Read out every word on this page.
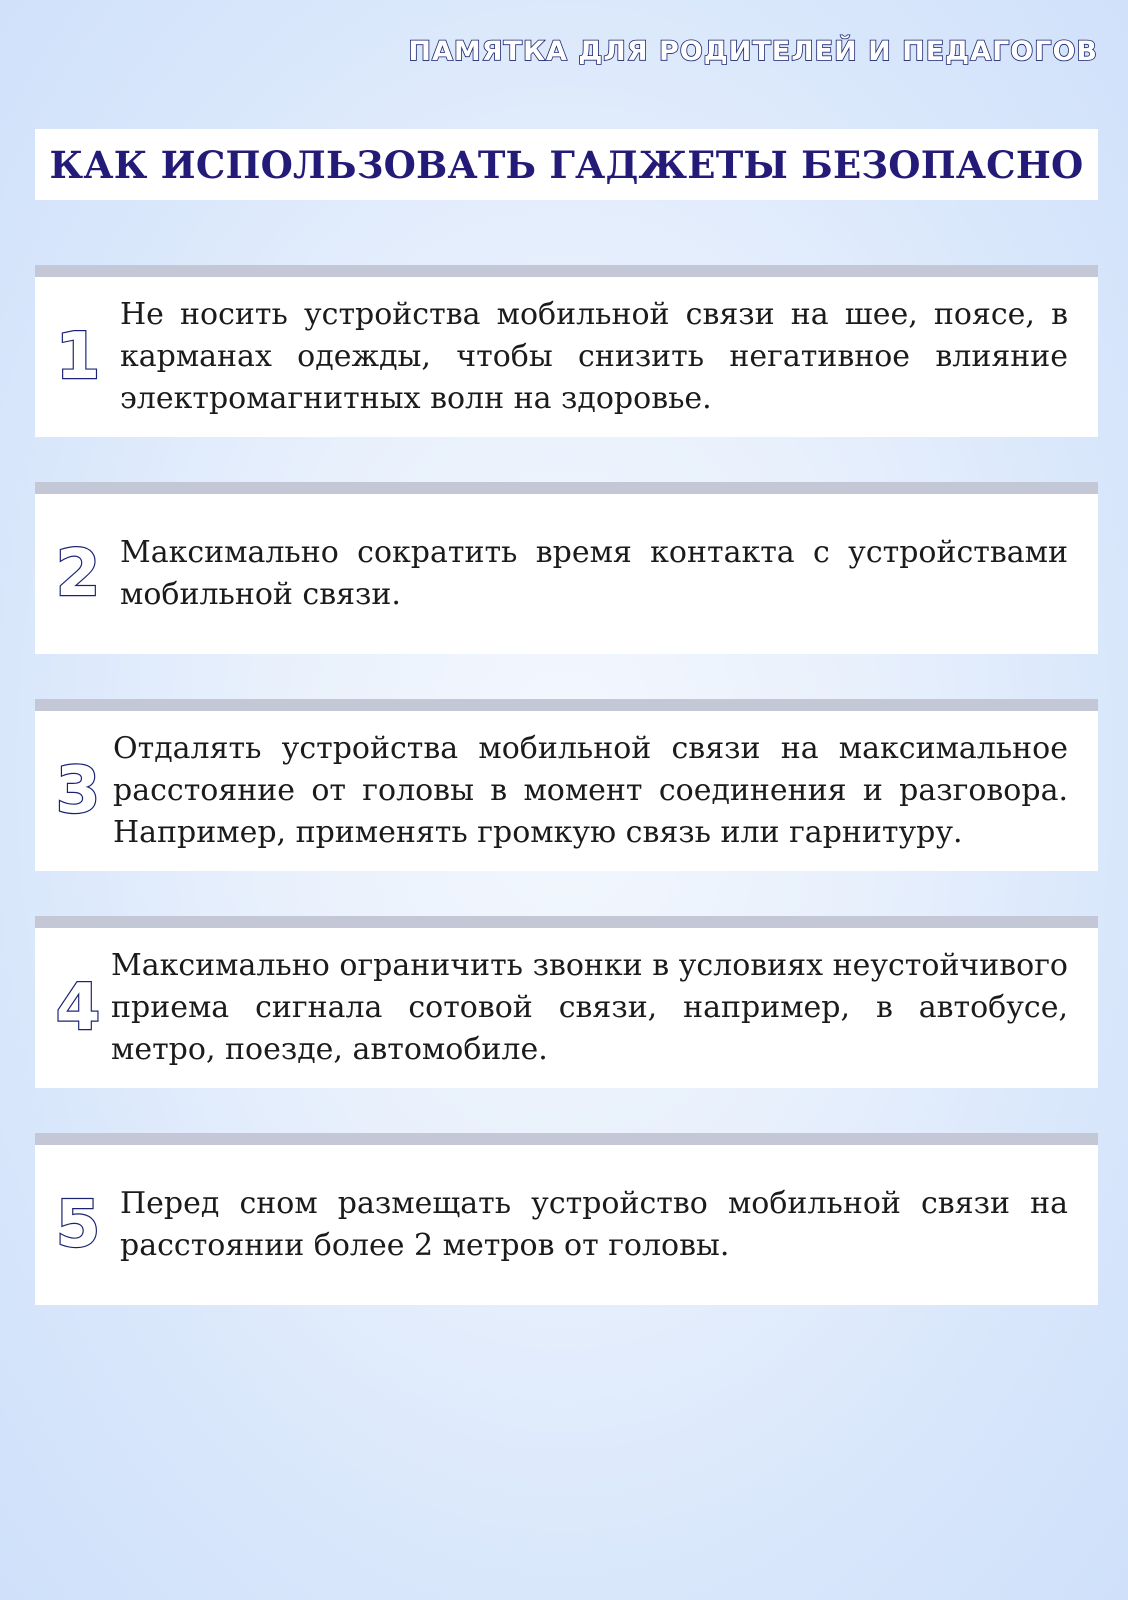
ПАМЯТКА ДЛЯ РОДИТЕЛЕЙ И ПЕДАГОГОВ
КАК ИСПОЛЬЗОВАТЬ ГАДЖЕТЫ БЕЗОПАСНО
1
Не носить устройства мобильной связи на шее, поясе, в карманах одежды, чтобы снизить негативное влияние электромагнитных волн на здоровье.
2 Максимально сократить время контакта с устройствами мобильной связи.
3
Отдалять устройства мобильной связи на максимальное расстояние от головы в момент соединения и разговора. Например, применять громкую связь или гарнитуру.
4
Максимально ограничить звонки в условиях неустойчивого приема сигнала сотовой связи, например, в автобусе, метро, поезде, автомобиле.
5 Перед сном размещать устройство мобильной связи на расстоянии более 2 метров от головы.
